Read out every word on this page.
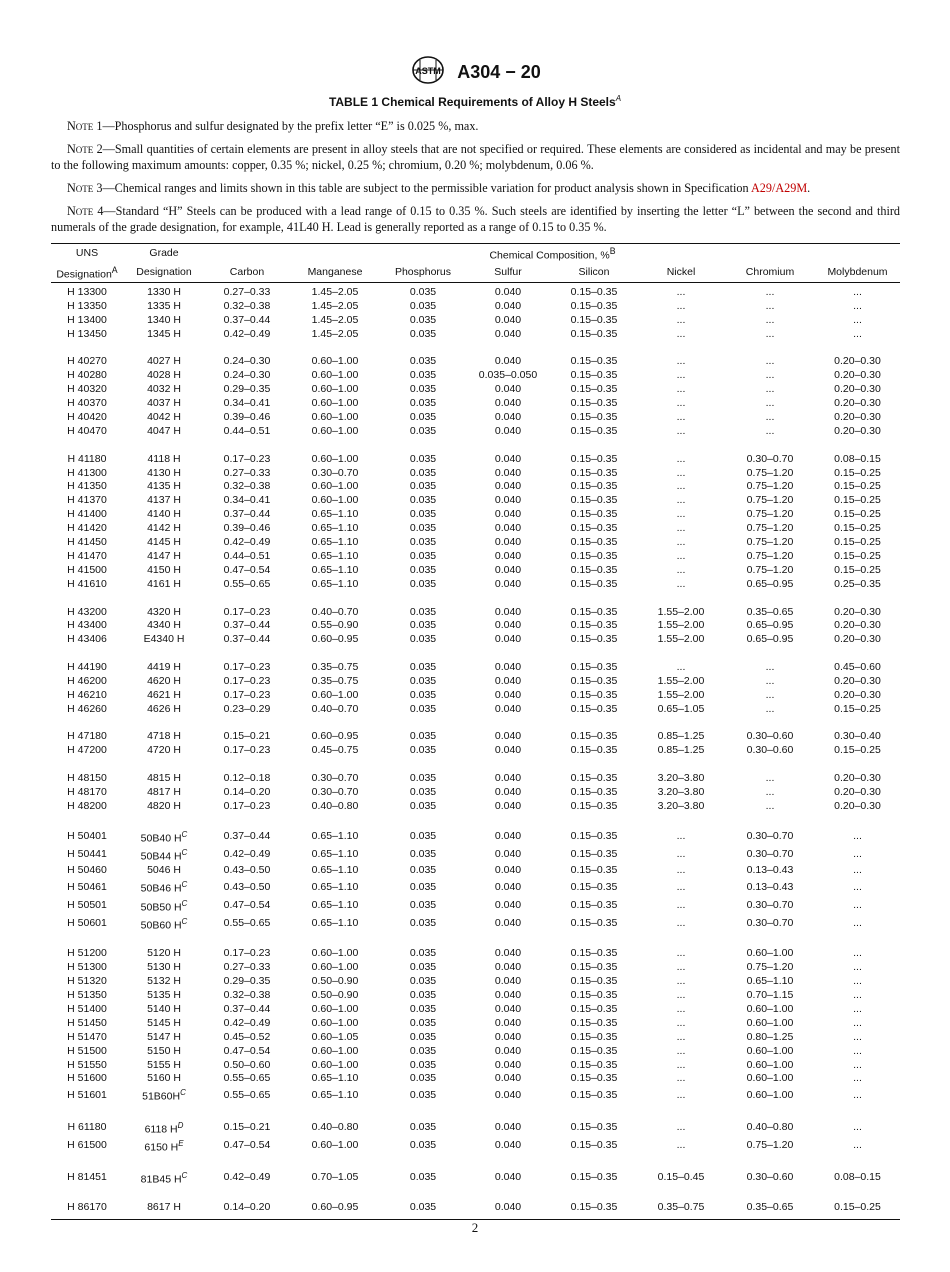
ASTM A304 − 20
TABLE 1 Chemical Requirements of Alloy H Steels$^A$

Note 1—Phosphorus and sulfur designated by the prefix letter “E” is 0.025 %, max.

Note 2—Small quantities of certain elements are present in alloy steels that are not specified or required. These elements are considered as incidental and may be present to the following maximum amounts: copper, 0.35 %; nickel, 0.25 %; chromium, 0.20 %; molybdenum, 0.06 %.

Note 3—Chemical ranges and limits shown in this table are subject to the permissible variation for product analysis shown in Specification A29/A29M.

Note 4—Standard “H” Steels can be produced with a lead range of 0.15 to 0.35 %. Such steels are identified by inserting the letter “L” between the second and third numerals of the grade designation, for example, 41L40 H. Lead is generally reported as a range of 0.15 to 0.35 %.

UNS	Grade	Chemical Composition, %$^B$
Designation$^A$	Designation	Carbon	Manganese	Phosphorus	Sulfur	Silicon	Nickel	Chromium	Molybdenum
H 13300	1330 H	0.27–0.33	1.45–2.05	0.035	0.040	0.15–0.35	...	...	...
H 13350	1335 H	0.32–0.38	1.45–2.05	0.035	0.040	0.15–0.35	...	...	...
H 13400	1340 H	0.37–0.44	1.45–2.05	0.035	0.040	0.15–0.35	...	...	...
H 13450	1345 H	0.42–0.49	1.45–2.05	0.035	0.040	0.15–0.35	...	...	...
H 40270	4027 H	0.24–0.30	0.60–1.00	0.035	0.040	0.15–0.35	...	...	0.20–0.30
H 40280	4028 H	0.24–0.30	0.60–1.00	0.035	0.035–0.050	0.15–0.35	...	...	0.20–0.30
H 40320	4032 H	0.29–0.35	0.60–1.00	0.035	0.040	0.15–0.35	...	...	0.20–0.30
H 40370	4037 H	0.34–0.41	0.60–1.00	0.035	0.040	0.15–0.35	...	...	0.20–0.30
H 40420	4042 H	0.39–0.46	0.60–1.00	0.035	0.040	0.15–0.35	...	...	0.20–0.30
H 40470	4047 H	0.44–0.51	0.60–1.00	0.035	0.040	0.15–0.35	...	...	0.20–0.30
H 41180	4118 H	0.17–0.23	0.60–1.00	0.035	0.040	0.15–0.35	...	0.30–0.70	0.08–0.15
H 41300	4130 H	0.27–0.33	0.30–0.70	0.035	0.040	0.15–0.35	...	0.75–1.20	0.15–0.25
H 41350	4135 H	0.32–0.38	0.60–1.00	0.035	0.040	0.15–0.35	...	0.75–1.20	0.15–0.25
H 41370	4137 H	0.34–0.41	0.60–1.00	0.035	0.040	0.15–0.35	...	0.75–1.20	0.15–0.25
H 41400	4140 H	0.37–0.44	0.65–1.10	0.035	0.040	0.15–0.35	...	0.75–1.20	0.15–0.25
H 41420	4142 H	0.39–0.46	0.65–1.10	0.035	0.040	0.15–0.35	...	0.75–1.20	0.15–0.25
H 41450	4145 H	0.42–0.49	0.65–1.10	0.035	0.040	0.15–0.35	...	0.75–1.20	0.15–0.25
H 41470	4147 H	0.44–0.51	0.65–1.10	0.035	0.040	0.15–0.35	...	0.75–1.20	0.15–0.25
H 41500	4150 H	0.47–0.54	0.65–1.10	0.035	0.040	0.15–0.35	...	0.75–1.20	0.15–0.25
H 41610	4161 H	0.55–0.65	0.65–1.10	0.035	0.040	0.15–0.35	...	0.65–0.95	0.25–0.35
H 43200	4320 H	0.17–0.23	0.40–0.70	0.035	0.040	0.15–0.35	1.55–2.00	0.35–0.65	0.20–0.30
H 43400	4340 H	0.37–0.44	0.55–0.90	0.035	0.040	0.15–0.35	1.55–2.00	0.65–0.95	0.20–0.30
H 43406	E4340 H	0.37–0.44	0.60–0.95	0.035	0.040	0.15–0.35	1.55–2.00	0.65–0.95	0.20–0.30
H 44190	4419 H	0.17–0.23	0.35–0.75	0.035	0.040	0.15–0.35	...	...	0.45–0.60
H 46200	4620 H	0.17–0.23	0.35–0.75	0.035	0.040	0.15–0.35	1.55–2.00	...	0.20–0.30
H 46210	4621 H	0.17–0.23	0.60–1.00	0.035	0.040	0.15–0.35	1.55–2.00	...	0.20–0.30
H 46260	4626 H	0.23–0.29	0.40–0.70	0.035	0.040	0.15–0.35	0.65–1.05	...	0.15–0.25
H 47180	4718 H	0.15–0.21	0.60–0.95	0.035	0.040	0.15–0.35	0.85–1.25	0.30–0.60	0.30–0.40
H 47200	4720 H	0.17–0.23	0.45–0.75	0.035	0.040	0.15–0.35	0.85–1.25	0.30–0.60	0.15–0.25
H 48150	4815 H	0.12–0.18	0.30–0.70	0.035	0.040	0.15–0.35	3.20–3.80	...	0.20–0.30
H 48170	4817 H	0.14–0.20	0.30–0.70	0.035	0.040	0.15–0.35	3.20–3.80	...	0.20–0.30
H 48200	4820 H	0.17–0.23	0.40–0.80	0.035	0.040	0.15–0.35	3.20–3.80	...	0.20–0.30
H 50401	50B40 $H^C$	0.37–0.44	0.65–1.10	0.035	0.040	0.15–0.35	...	0.30–0.70	...
H 50441	50B44 $H^C$	0.42–0.49	0.65–1.10	0.035	0.040	0.15–0.35	...	0.30–0.70	...
H 50460	5046 H	0.43–0.50	0.65–1.10	0.035	0.040	0.15–0.35	...	0.13–0.43	...
H 50461	50B46 $H^C$	0.43–0.50	0.65–1.10	0.035	0.040	0.15–0.35	...	0.13–0.43	...
H 50501	50B50 $H^C$	0.47–0.54	0.65–1.10	0.035	0.040	0.15–0.35	...	0.30–0.70	...
H 50601	50B60 $H^C$	0.55–0.65	0.65–1.10	0.035	0.040	0.15–0.35	...	0.30–0.70	...
H 51200	5120 H	0.17–0.23	0.60–1.00	0.035	0.040	0.15–0.35	...	0.60–1.00	...
H 51300	5130 H	0.27–0.33	0.60–1.00	0.035	0.040	0.15–0.35	...	0.75–1.20	...
H 51320	5132 H	0.29–0.35	0.50–0.90	0.035	0.040	0.15–0.35	...	0.65–1.10	...
H 51350	5135 H	0.32–0.38	0.50–0.90	0.035	0.040	0.15–0.35	...	0.70–1.15	...
H 51400	5140 H	0.37–0.44	0.60–1.00	0.035	0.040	0.15–0.35	...	0.60–1.00	...
H 51450	5145 H	0.42–0.49	0.60–1.00	0.035	0.040	0.15–0.35	...	0.60–1.00	...
H 51470	5147 H	0.45–0.52	0.60–1.05	0.035	0.040	0.15–0.35	...	0.80–1.25	...
H 51500	5150 H	0.47–0.54	0.60–1.00	0.035	0.040	0.15–0.35	...	0.60–1.00	...
H 51550	5155 H	0.50–0.60	0.60–1.00	0.035	0.040	0.15–0.35	...	0.60–1.00	...
H 51600	5160 H	0.55–0.65	0.65–1.10	0.035	0.040	0.15–0.35	...	0.60–1.00	...
H 51601	$51B60H^C$	0.55–0.65	0.65–1.10	0.035	0.040	0.15–0.35	...	0.60–1.00	...
H 61180	6118 $H^D$	0.15–0.21	0.40–0.80	0.035	0.040	0.15–0.35	...	0.40–0.80	...
H 61500	6150 $H^E$	0.47–0.54	0.60–1.00	0.035	0.040	0.15–0.35	...	0.75–1.20	...
H 81451	81B45 $H^C$	0.42–0.49	0.70–1.05	0.035	0.040	0.15–0.35	0.15–0.45	0.30–0.60	0.08–0.15
H 86170	8617 H	0.14–0.20	0.60–0.95	0.035	0.040	0.15–0.35	0.35–0.75	0.35–0.65	0.15–0.25
2
